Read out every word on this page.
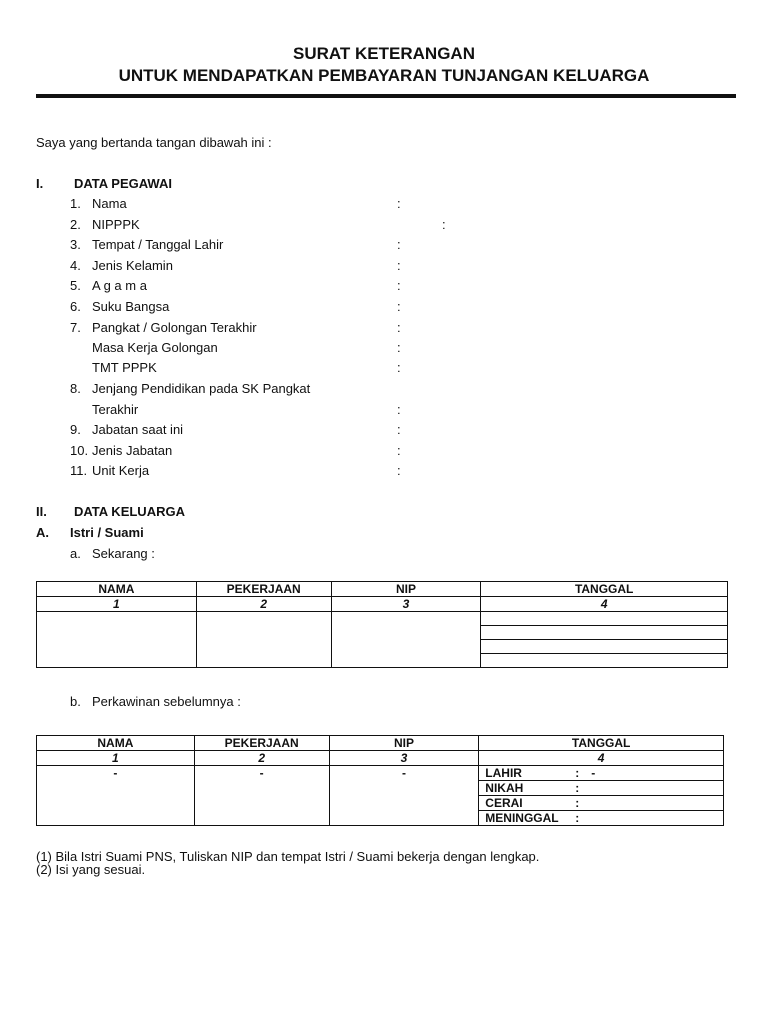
SURAT KETERANGAN
UNTUK MENDAPATKAN PEMBAYARAN TUNJANGAN KELUARGA
Saya yang bertanda tangan dibawah ini :
I. DATA PEGAWAI
1. Nama	:
2. NIPPPK	:
3. Tempat / Tanggal Lahir	:
4. Jenis Kelamin	:
5. A g a m a	:
6. Suku Bangsa	:
7. Pangkat / Golongan Terakhir	:
Masa Kerja Golongan	:
TMT PPPK	:
8. Jenjang Pendidikan pada SK Pangkat
Terakhir	:
9. Jabatan saat ini	:
10. Jenis Jabatan	:
11. Unit Kerja	:
II. DATA KELUARGA
A. Istri / Suami
a. Sekarang :
NAMA	PEKERJAAN	NIP	TANGGAL
1	2	3	4

b. Perkawinan sebelumnya :
NAMA	PEKERJAAN	NIP	TANGGAL
1	2	3	4
-	-	-	LAHIR : -
			NIKAH :
			CERAI :
			MENINGGAL :
(1) Bila Istri Suami PNS, Tuliskan NIP dan tempat Istri / Suami bekerja dengan lengkap.
(2) Isi yang sesuai.
